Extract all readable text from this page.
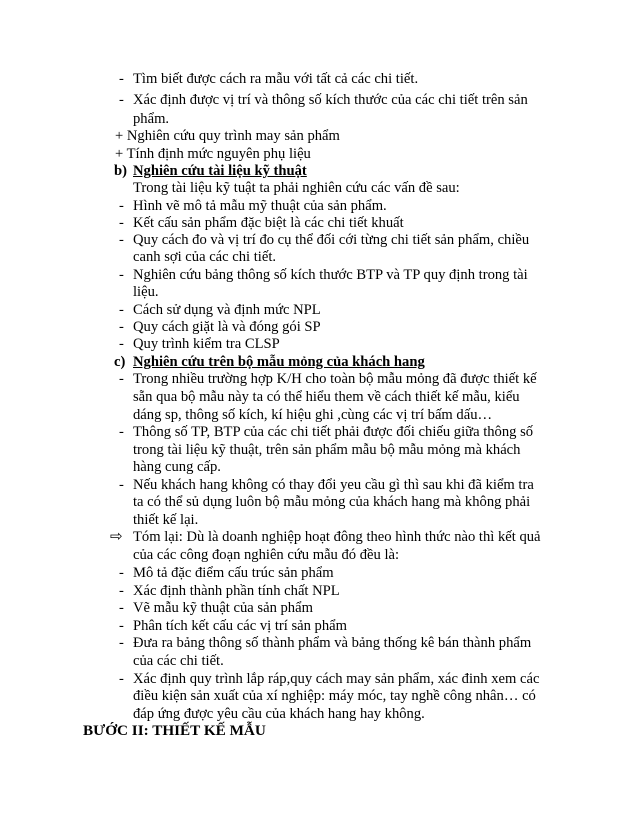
- Tìm biết được cách ra mẫu với tất cả các chi tiết.
- Xác định được vị trí và thông số kích thước của các chi tiết trên sản
phẩm.
+ Nghiên cứu quy trình may sản phẩm
+ Tính định mức nguyên phụ liệu
b) Nghiên cứu tài liệu kỹ thuật
Trong tài liệu kỹ tuật ta phải nghiên cứu các vấn đề sau:
- Hình vẽ mô tả mẫu mỹ thuật của sản phẩm.
- Kết cấu sản phẩm đặc biệt là các chi tiết khuất
- Quy cách đo và vị trí đo cụ thể đối cới từng chi tiết sản phẩm, chiều
canh sợi của các chi tiết.
- Nghiên cứu bảng thông số kích thước BTP và TP quy định trong tài
liệu.
- Cách sử dụng và định mức NPL
- Quy cách giặt là và đóng gói SP
- Quy trình kiểm tra CLSP
c) Nghiên cứu trên bộ mẫu mỏng của khách hang
- Trong nhiều trường hợp K/H cho toàn bộ mẫu mỏng đã được thiết kế
sẵn qua bộ mẫu này ta có thể hiểu them về cách thiết kế mẫu, kiểu
dáng sp, thông số kích, kí hiệu ghi ,cùng các vị trí bấm dấu…
- Thông số TP, BTP của các chi tiết phải được đối chiếu giữa thông số
trong tài liệu kỹ thuật, trên sản phẩm mẫu bộ mẫu mỏng mà khách
hàng cung cấp.
- Nếu khách hang không có thay đổi yeu cầu gì thì sau khi đã kiểm tra
ta có thể sủ dụng luôn bộ mẫu mỏng của khách hang mà không phải
thiết kế lại.
⇨ Tóm lại: Dù là doanh nghiệp hoạt đông theo hình thức nào thì kết quả
của các công đoạn nghiên cứu mẫu đó đều là:
- Mô tả đặc điểm cấu trúc sản phẩm
- Xác định thành phần tính chất NPL
- Vẽ mẫu kỹ thuật của sản phẩm
- Phân tích kết cấu các vị trí sản phẩm
- Đưa ra bảng thông số thành phẩm và bảng thống kê bán thành phẩm
của các chi tiết.
- Xác định quy trình lắp ráp,quy cách may sản phẩm, xác đinh xem các
điều kiện sản xuất của xí nghiệp: máy móc, tay nghề công nhân… có
đáp ứng được yêu cầu của khách hang hay không.
BƯỚC II: THIẾT KẾ MẪU
